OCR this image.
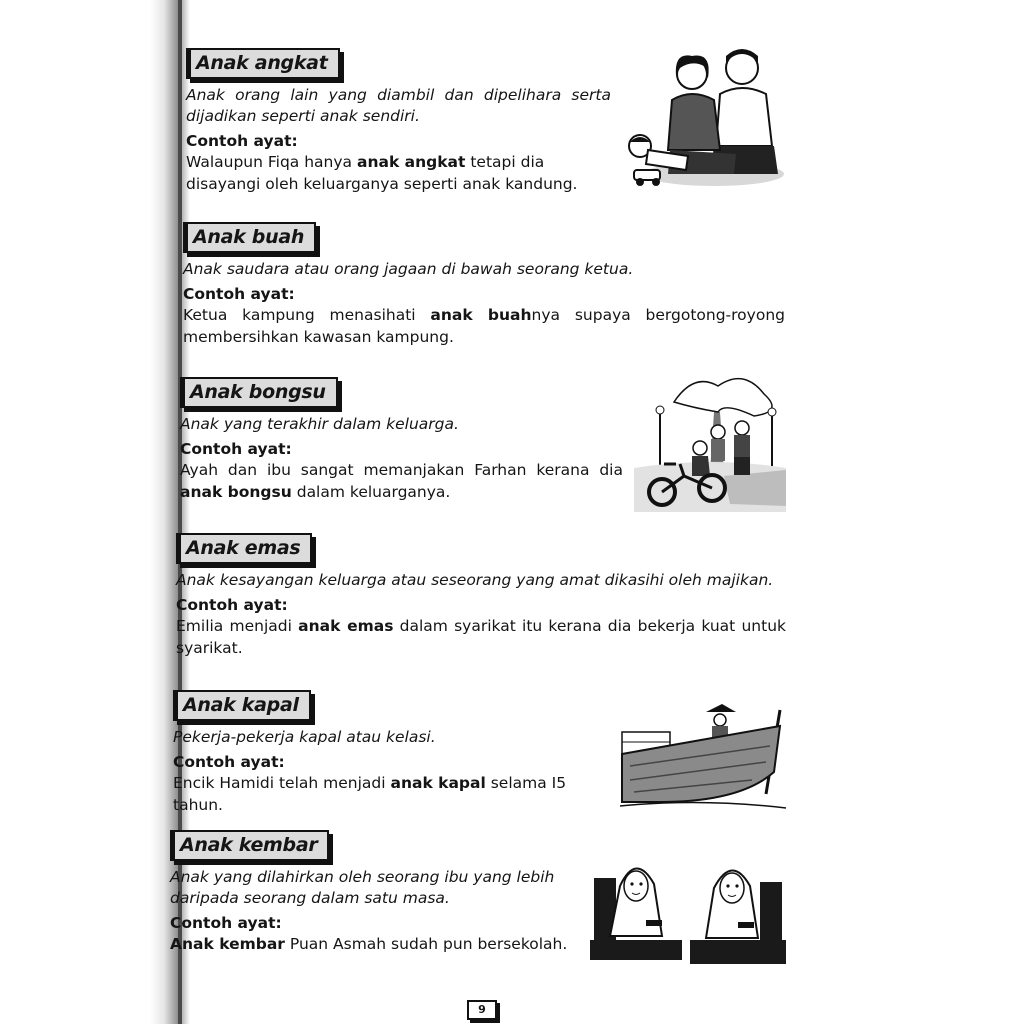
Anak angkat
Anak orang lain yang diambil dan dipelihara serta dijadikan seperti anak sendiri.
Contoh ayat:
Walaupun Fiqa hanya anak angkat tetapi dia disayangi oleh keluarganya seperti anak kandung.
Anak buah
Anak saudara atau orang jagaan di bawah seorang ketua.
Contoh ayat:
Ketua kampung menasihati anak buahnya supaya bergotong-royong membersihkan kawasan kampung.
Anak bongsu
Anak yang terakhir dalam keluarga.
Contoh ayat:
Ayah dan ibu sangat memanjakan Farhan kerana dia anak bongsu dalam keluarganya.
Anak emas
Anak kesayangan keluarga atau seseorang yang amat dikasihi oleh majikan.
Contoh ayat:
Emilia menjadi anak emas dalam syarikat itu kerana dia bekerja kuat untuk syarikat.
Anak kapal
Pekerja-pekerja kapal atau kelasi.
Contoh ayat:
Encik Hamidi telah menjadi anak kapal selama I5 tahun.
Anak kembar
Anak yang dilahirkan oleh seorang ibu yang lebih daripada seorang dalam satu masa.
Contoh ayat:
Anak kembar Puan Asmah sudah pun bersekolah.
9
